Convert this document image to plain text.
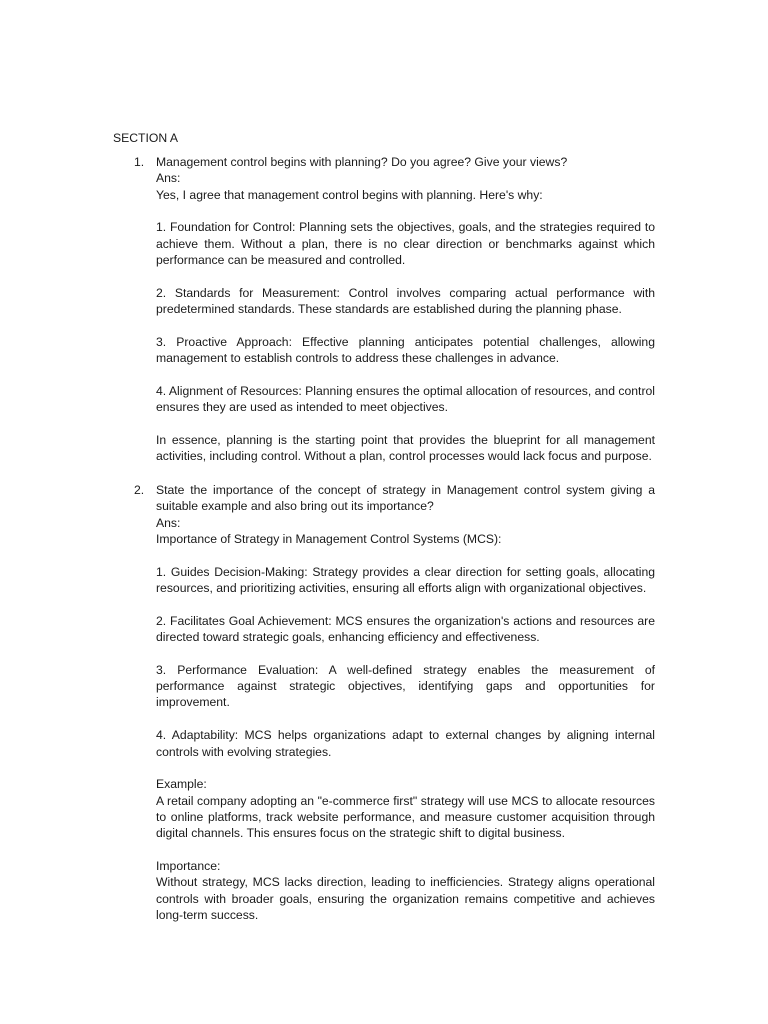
SECTION A
1. Management control begins with planning? Do you agree? Give your views?
Ans:
Yes, I agree that management control begins with planning. Here's why:

1. Foundation for Control: Planning sets the objectives, goals, and the strategies required to achieve them. Without a plan, there is no clear direction or benchmarks against which performance can be measured and controlled.

2. Standards for Measurement: Control involves comparing actual performance with predetermined standards. These standards are established during the planning phase.

3. Proactive Approach: Effective planning anticipates potential challenges, allowing management to establish controls to address these challenges in advance.

4. Alignment of Resources: Planning ensures the optimal allocation of resources, and control ensures they are used as intended to meet objectives.

In essence, planning is the starting point that provides the blueprint for all management activities, including control. Without a plan, control processes would lack focus and purpose.

2. State the importance of the concept of strategy in Management control system giving a suitable example and also bring out its importance?

Ans:
Importance of Strategy in Management Control Systems (MCS):

1. Guides Decision-Making: Strategy provides a clear direction for setting goals, allocating resources, and prioritizing activities, ensuring all efforts align with organizational objectives.

2. Facilitates Goal Achievement: MCS ensures the organization's actions and resources are directed toward strategic goals, enhancing efficiency and effectiveness.

3. Performance Evaluation: A well-defined strategy enables the measurement of performance against strategic objectives, identifying gaps and opportunities for improvement.

4. Adaptability: MCS helps organizations adapt to external changes by aligning internal controls with evolving strategies.

Example:

A retail company adopting an "e-commerce first" strategy will use MCS to allocate resources to online platforms, track website performance, and measure customer acquisition through digital channels. This ensures focus on the strategic shift to digital business.

Importance:

Without strategy, MCS lacks direction, leading to inefficiencies. Strategy aligns operational controls with broader goals, ensuring the organization remains competitive and achieves long-term success.
